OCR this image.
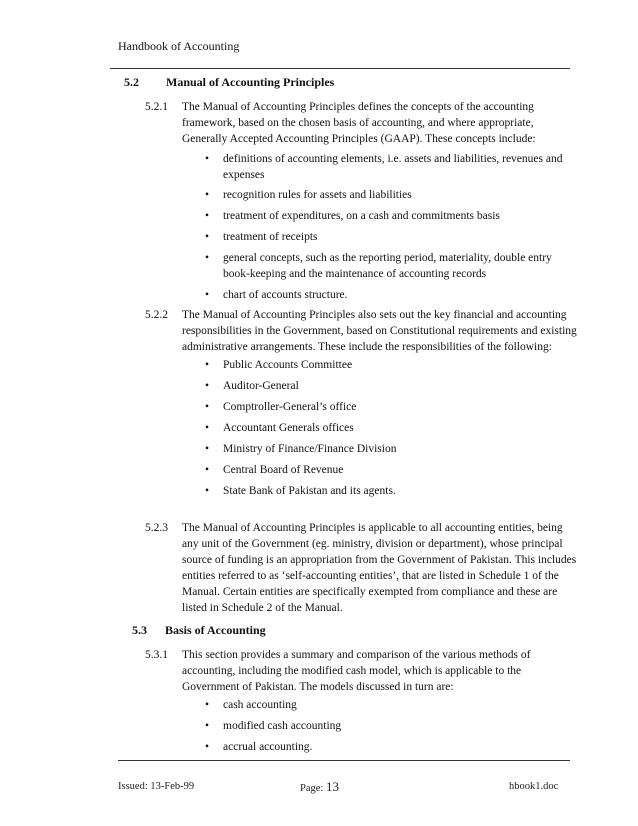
Handbook of Accounting
5.2 Manual of Accounting Principles
5.2.1 The Manual of Accounting Principles defines the concepts of the accounting framework, based on the chosen basis of accounting, and where appropriate, Generally Accepted Accounting Principles (GAAP). These concepts include:
• definitions of accounting elements, i.e. assets and liabilities, revenues and expenses
• recognition rules for assets and liabilities
• treatment of expenditures, on a cash and commitments basis
• treatment of receipts
• general concepts, such as the reporting period, materiality, double entry book-keeping and the maintenance of accounting records
• chart of accounts structure.
5.2.2 The Manual of Accounting Principles also sets out the key financial and accounting responsibilities in the Government, based on Constitutional requirements and existing administrative arrangements. These include the responsibilities of the following:
• Public Accounts Committee
• Auditor-General
• Comptroller-General’s office
• Accountant Generals offices
• Ministry of Finance/Finance Division
• Central Board of Revenue
• State Bank of Pakistan and its agents.
5.2.3 The Manual of Accounting Principles is applicable to all accounting entities, being any unit of the Government (eg. ministry, division or department), whose principal source of funding is an appropriation from the Government of Pakistan. This includes entities referred to as ‘self-accounting entities’, that are listed in Schedule 1 of the Manual. Certain entities are specifically exempted from compliance and these are listed in Schedule 2 of the Manual.
5.3 Basis of Accounting
5.3.1 This section provides a summary and comparison of the various methods of accounting, including the modified cash model, which is applicable to the Government of Pakistan. The models discussed in turn are:
• cash accounting
• modified cash accounting
• accrual accounting.
Issued: 13-Feb-99	Page: 13	hbook1.doc
